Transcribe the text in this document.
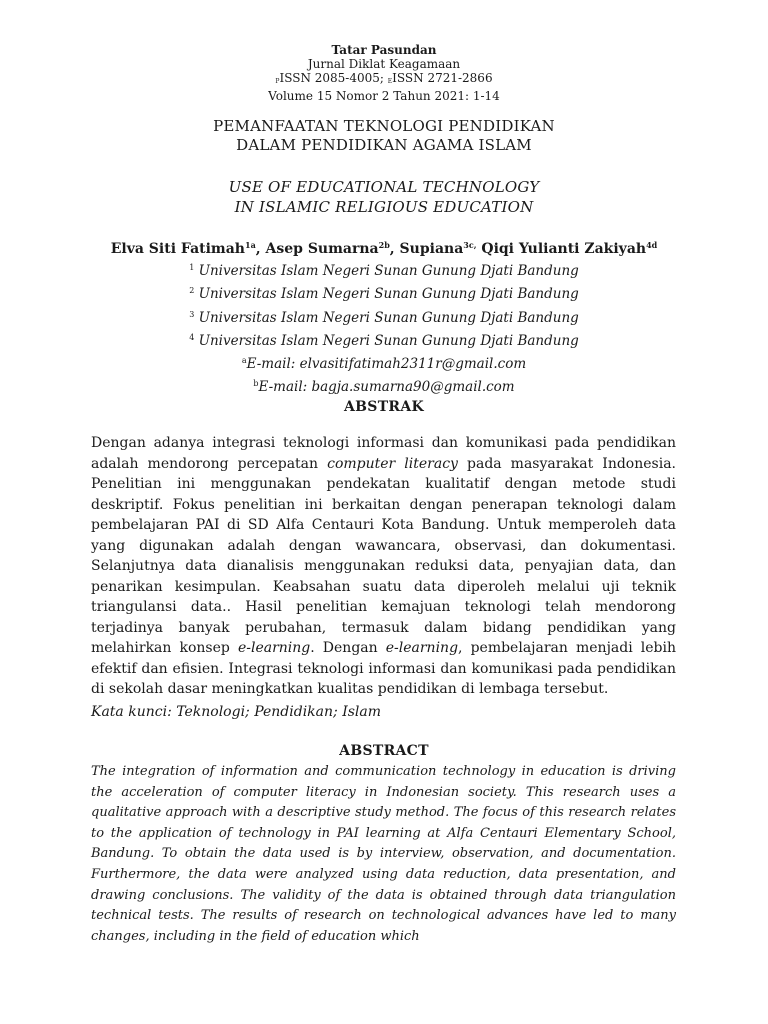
Tatar Pasundan
Jurnal Diklat Keagamaan
$_P$ISSN 2085-4005; $_E$ISSN 2721-2866
Volume 15 Nomor 2 Tahun 2021: 1-14
PEMANFAATAN TEKNOLOGI PENDIDIKAN
DALAM PENDIDIKAN AGAMA ISLAM
USE OF EDUCATIONAL TECHNOLOGY
IN ISLAMIC RELIGIOUS EDUCATION
Elva Siti Fatimah$^{1a}$, Asep Sumarna$^{2b}$, Supiana$^{3c,}$ Qiqi Yulianti Zakiyah$^{4d}$
$^1$ Universitas Islam Negeri Sunan Gunung Djati Bandung
$^2$ Universitas Islam Negeri Sunan Gunung Djati Bandung
$^3$ Universitas Islam Negeri Sunan Gunung Djati Bandung
$^4$ Universitas Islam Negeri Sunan Gunung Djati Bandung
$^a$E-mail: elvasitifatimah2311r@gmail.com
$^b$E-mail: bagja.sumarna90@gmail.com
ABSTRAK

Dengan adanya integrasi teknologi informasi dan komunikasi pada pendidikan adalah mendorong percepatan computer literacy pada masyarakat Indonesia. Penelitian ini menggunakan pendekatan kualitatif dengan metode studi deskriptif. Fokus penelitian ini berkaitan dengan penerapan teknologi dalam pembelajaran PAI di SD Alfa Centauri Kota Bandung. Untuk memperoleh data yang digunakan adalah dengan wawancara, observasi, dan dokumentasi. Selanjutnya data dianalisis menggunakan reduksi data, penyajian data, dan penarikan kesimpulan. Keabsahan suatu data diperoleh melalui uji teknik triangulansi data.. Hasil penelitian kemajuan teknologi telah mendorong terjadinya banyak perubahan, termasuk dalam bidang pendidikan yang melahirkan konsep e-learning. Dengan e-learning, pembelajaran menjadi lebih efektif dan efisien. Integrasi teknologi informasi dan komunikasi pada pendidikan di sekolah dasar meningkatkan kualitas pendidikan di lembaga tersebut.

Kata kunci: Teknologi; Pendidikan; Islam
ABSTRACT

The integration of information and communication technology in education is driving the acceleration of computer literacy in Indonesian society. This research uses a qualitative approach with a descriptive study method. The focus of this research relates to the application of technology in PAI learning at Alfa Centauri Elementary School, Bandung. To obtain the data used is by interview, observation, and documentation. Furthermore, the data were analyzed using data reduction, data presentation, and drawing conclusions. The validity of the data is obtained through data triangulation technical tests. The results of research on technological advances have led to many changes, including in the field of education which
